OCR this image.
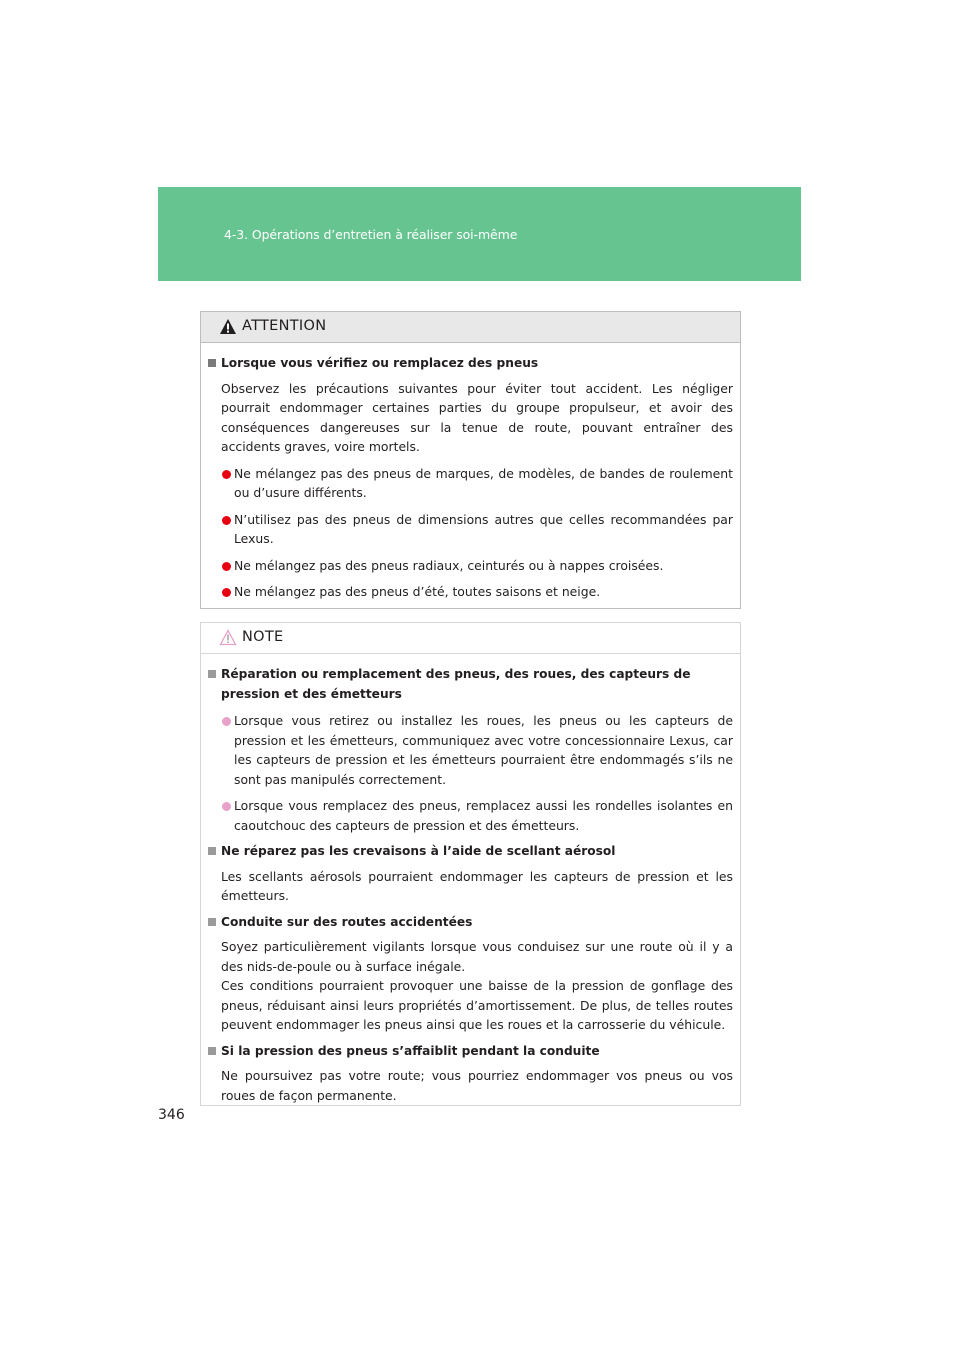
4-3. Opérations d’entretien à réaliser soi-même
ATTENTION

Lorsque vous vérifiez ou remplacez des pneus

Observez les précautions suivantes pour éviter tout accident. Les négliger pourrait endommager certaines parties du groupe propulseur, et avoir des conséquences dangereuses sur la tenue de route, pouvant entraîner des accidents graves, voire mortels.

Ne mélangez pas des pneus de marques, de modèles, de bandes de roulement ou d’usure différents.
N’utilisez pas des pneus de dimensions autres que celles recommandées par Lexus.
Ne mélangez pas des pneus radiaux, ceinturés ou à nappes croisées.
Ne mélangez pas des pneus d’été, toutes saisons et neige.
NOTE

Réparation ou remplacement des pneus, des roues, des capteurs de pression et des émetteurs

Lorsque vous retirez ou installez les roues, les pneus ou les capteurs de pression et les émetteurs, communiquez avec votre concessionnaire Lexus, car les capteurs de pression et les émetteurs pourraient être endommagés s’ils ne sont pas manipulés correctement.
Lorsque vous remplacez des pneus, remplacez aussi les rondelles isolantes en caoutchouc des capteurs de pression et des émetteurs.

Ne réparez pas les crevaisons à l’aide de scellant aérosol

Les scellants aérosols pourraient endommager les capteurs de pression et les émetteurs.

Conduite sur des routes accidentées

Soyez particulièrement vigilants lorsque vous conduisez sur une route où il y a des nids-de-poule ou à surface inégale.

Ces conditions pourraient provoquer une baisse de la pression de gonflage des pneus, réduisant ainsi leurs propriétés d’amortissement. De plus, de telles routes peuvent endommager les pneus ainsi que les roues et la carrosserie du véhicule.

Si la pression des pneus s’affaiblit pendant la conduite

Ne poursuivez pas votre route; vous pourriez endommager vos pneus ou vos roues de façon permanente.

346
